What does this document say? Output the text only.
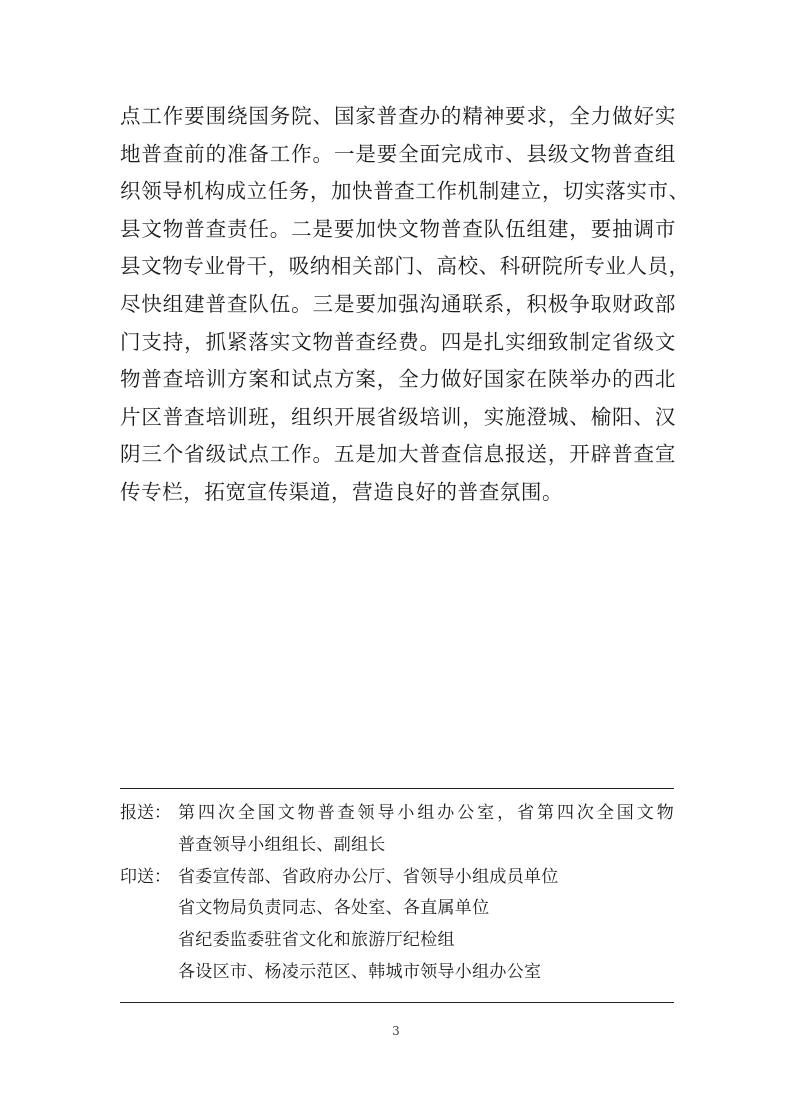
点工作要围绕国务院、国家普查办的精神要求，全力做好实
地普查前的准备工作。一是要全面完成市、县级文物普查组
织领导机构成立任务，加快普查工作机制建立，切实落实市、
县文物普查责任。二是要加快文物普查队伍组建，要抽调市
县文物专业骨干，吸纳相关部门、高校、科研院所专业人员，
尽快组建普查队伍。三是要加强沟通联系，积极争取财政部
门支持，抓紧落实文物普查经费。四是扎实细致制定省级文
物普查培训方案和试点方案，全力做好国家在陕举办的西北
片区普查培训班，组织开展省级培训，实施澄城、榆阳、汉
阴三个省级试点工作。五是加大普查信息报送，开辟普查宣
传专栏，拓宽宣传渠道，营造良好的普查氛围。
报送： 第四次全国文物普查领导小组办公室，省第四次全国文物
普查领导小组组长、副组长
印送： 省委宣传部、省政府办公厅、省领导小组成员单位
省文物局负责同志、各处室、各直属单位
省纪委监委驻省文化和旅游厅纪检组
各设区市、杨凌示范区、韩城市领导小组办公室
3
